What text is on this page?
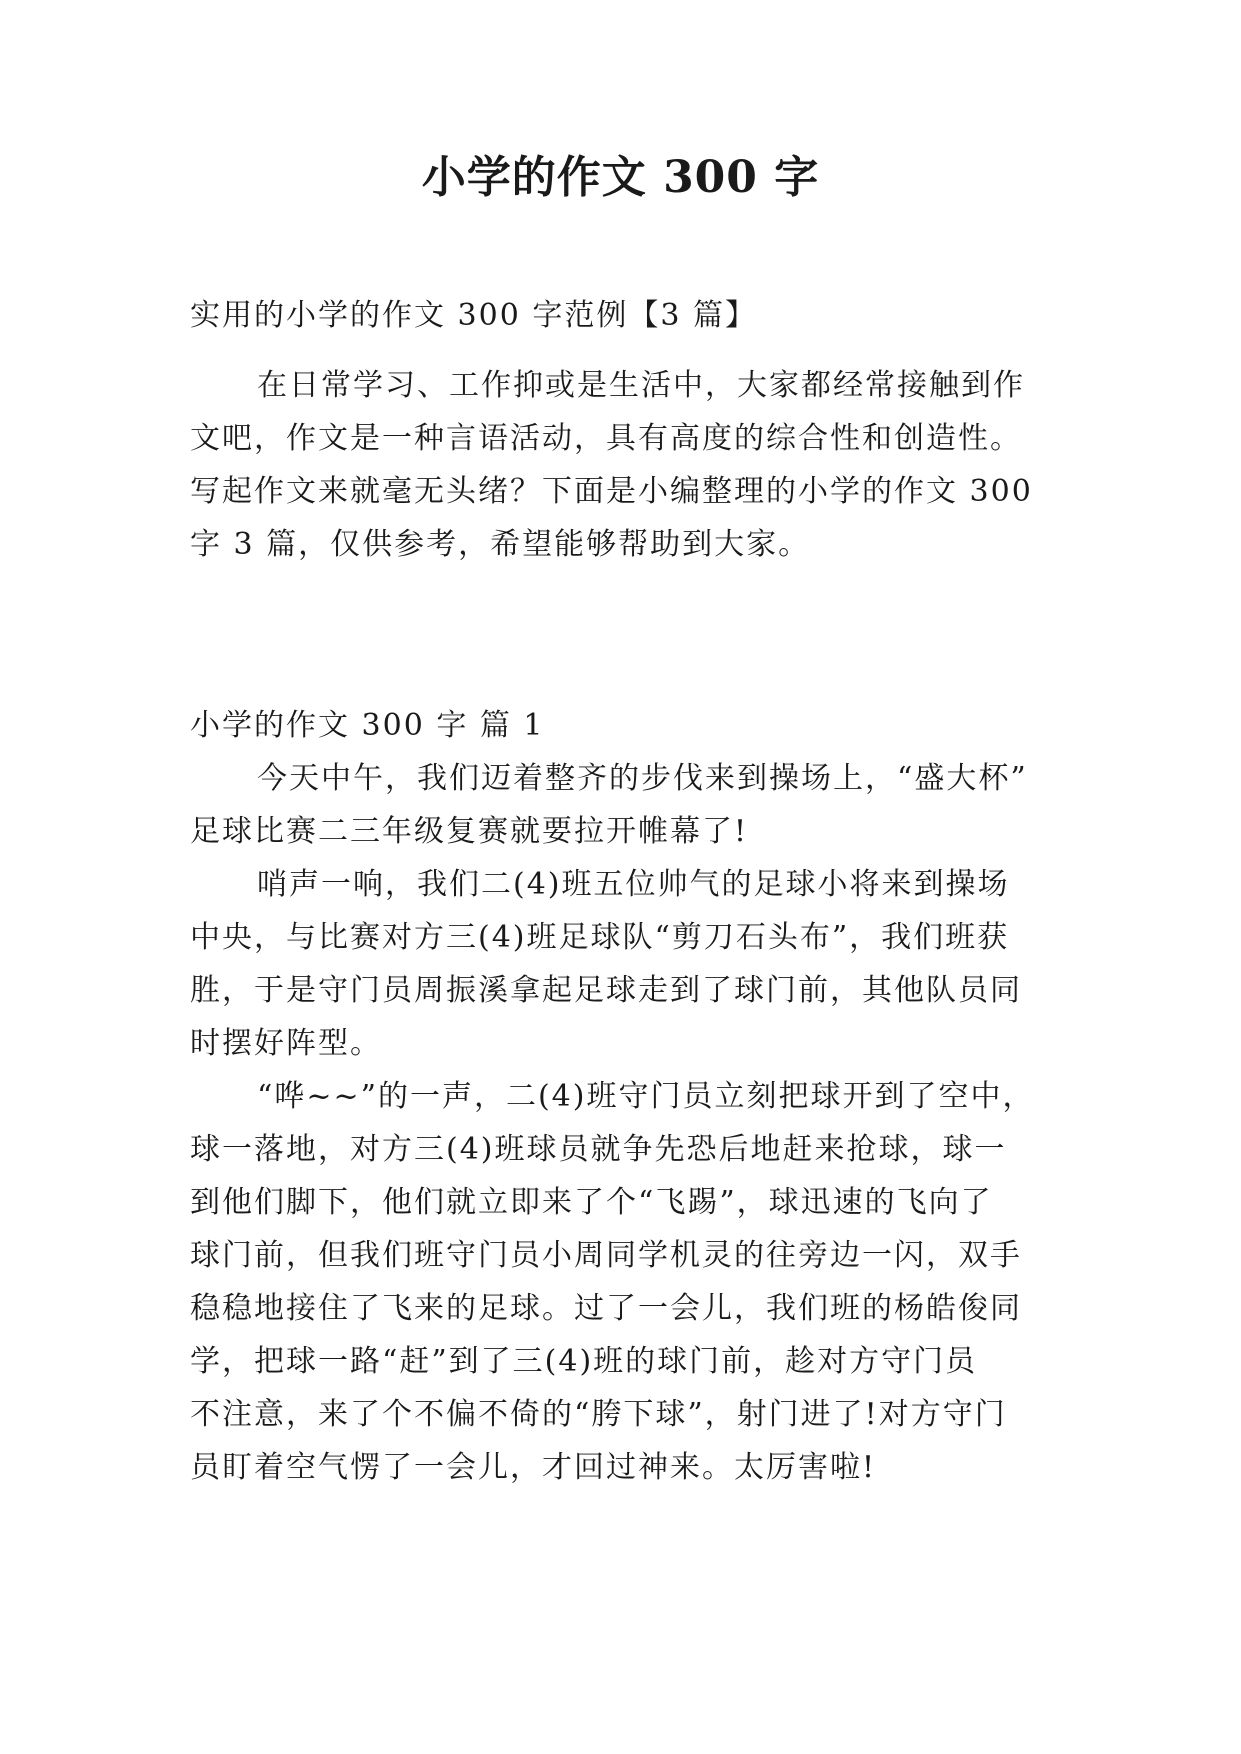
小学的作文 300 字
实用的小学的作文 300 字范例【3 篇】
在日常学习、工作抑或是生活中，大家都经常接触到作
文吧，作文是一种言语活动，具有高度的综合性和创造性。
写起作文来就毫无头绪？下面是小编整理的小学的作文 300
字 3 篇，仅供参考，希望能够帮助到大家。
小学的作文 300 字 篇 1
今天中午，我们迈着整齐的步伐来到操场上，“盛大杯”
足球比赛二三年级复赛就要拉开帷幕了!
哨声一响，我们二(4)班五位帅气的足球小将来到操场
中央，与比赛对方三(4)班足球队“剪刀石头布”，我们班获
胜，于是守门员周振溪拿起足球走到了球门前，其他队员同
时摆好阵型。
“哗~~”的一声，二(4)班守门员立刻把球开到了空中，
球一落地，对方三(4)班球员就争先恐后地赶来抢球，球一
到他们脚下，他们就立即来了个“飞踢”，球迅速的飞向了
球门前，但我们班守门员小周同学机灵的往旁边一闪，双手
稳稳地接住了飞来的足球。过了一会儿，我们班的杨皓俊同
学，把球一路“赶”到了三(4)班的球门前，趁对方守门员
不注意，来了个不偏不倚的“胯下球”，射门进了!对方守门
员盯着空气愣了一会儿，才回过神来。太厉害啦!
